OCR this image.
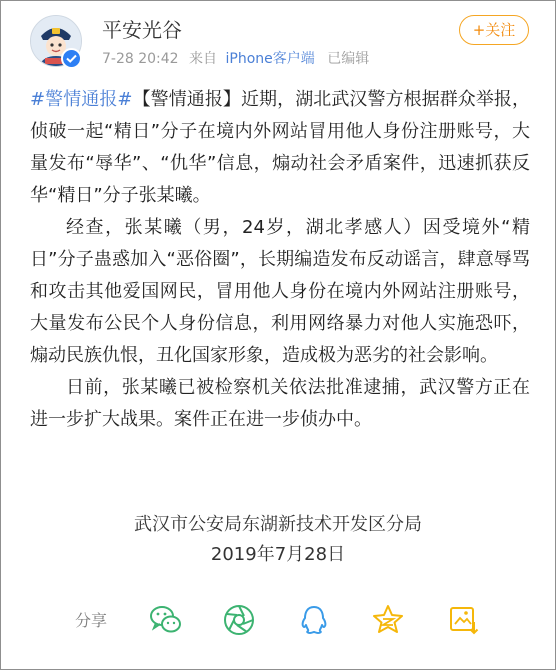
平安光谷
7-28 20:42 来自 iPhone客户端 已编辑
+关注

#警情通报#【警情通报】近期，湖北武汉警方根据群众举报，侦破一起“精日”分子在境内外网站冒用他人身份注册账号，大量发布“辱华”、“仇华”信息，煽动社会矛盾案件，迅速抓获反华“精日”分子张某曦。

经查，张某曦（男，24岁，湖北孝感人）因受境外“精日”分子蛊惑加入“恶俗圈”，长期编造发布反动谣言，肆意辱骂和攻击其他爱国网民，冒用他人身份在境内外网站注册账号，大量发布公民个人身份信息，利用网络暴力对他人实施恐吓，煽动民族仇恨，丑化国家形象，造成极为恶劣的社会影响。

日前，张某曦已被检察机关依法批准逮捕，武汉警方正在进一步扩大战果。案件正在进一步侦办中。

武汉市公安局东湖新技术开发区分局
2019年7月28日
分享
